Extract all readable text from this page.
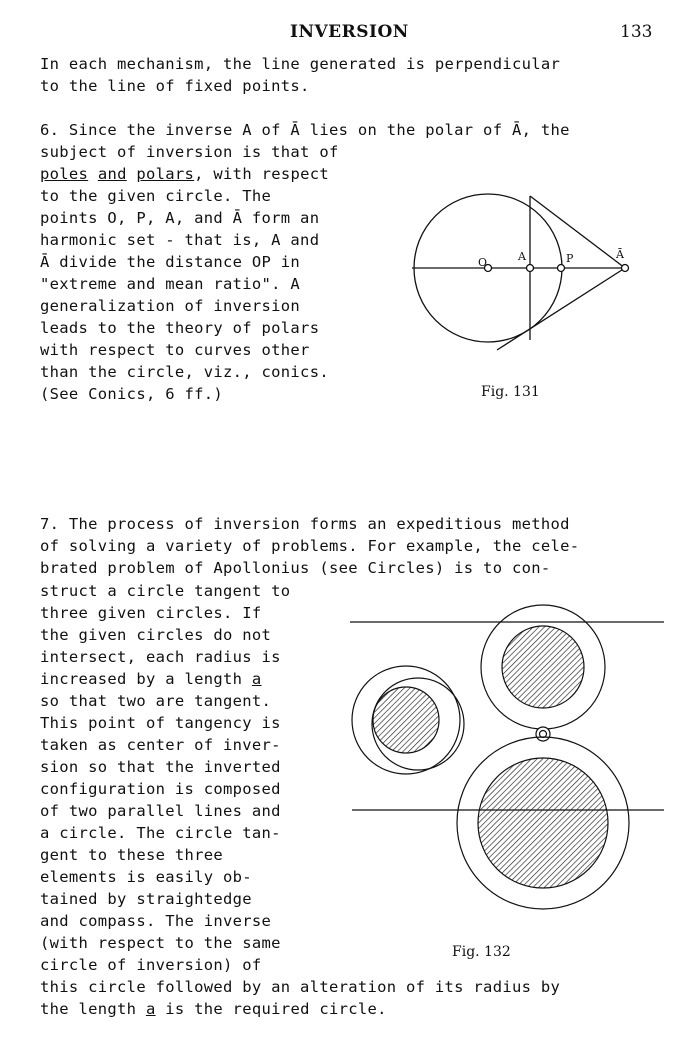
INVERSION	133
In each mechanism, the line generated is perpendicular
to the line of fixed points.
6. Since the inverse A of Ā lies on the polar of Ā, the
subject of inversion is that of
poles and polars, with respect
to the given circle. The
points O, P, A, and Ā form an
harmonic set - that is, A and
Ā divide the distance OP in
"extreme and mean ratio". A
generalization of inversion
leads to the theory of polars
with respect to curves other
than the circle, viz., conics.
(See Conics, 6 ff.)
O	A	P	Ā
Fig. 131
7. The process of inversion forms an expeditious method
of solving a variety of problems. For example, the cele-
brated problem of Apollonius (see Circles) is to con-
struct a circle tangent to
three given circles. If
the given circles do not
intersect, each radius is
increased by a length a
so that two are tangent.
This point of tangency is
taken as center of inver-
sion so that the inverted
configuration is composed
of two parallel lines and
a circle. The circle tan-
gent to these three
elements is easily ob-
tained by straightedge
and compass. The inverse
(with respect to the same
circle of inversion) of
this circle followed by an alteration of its radius by
the length a is the required circle.
Fig. 132
